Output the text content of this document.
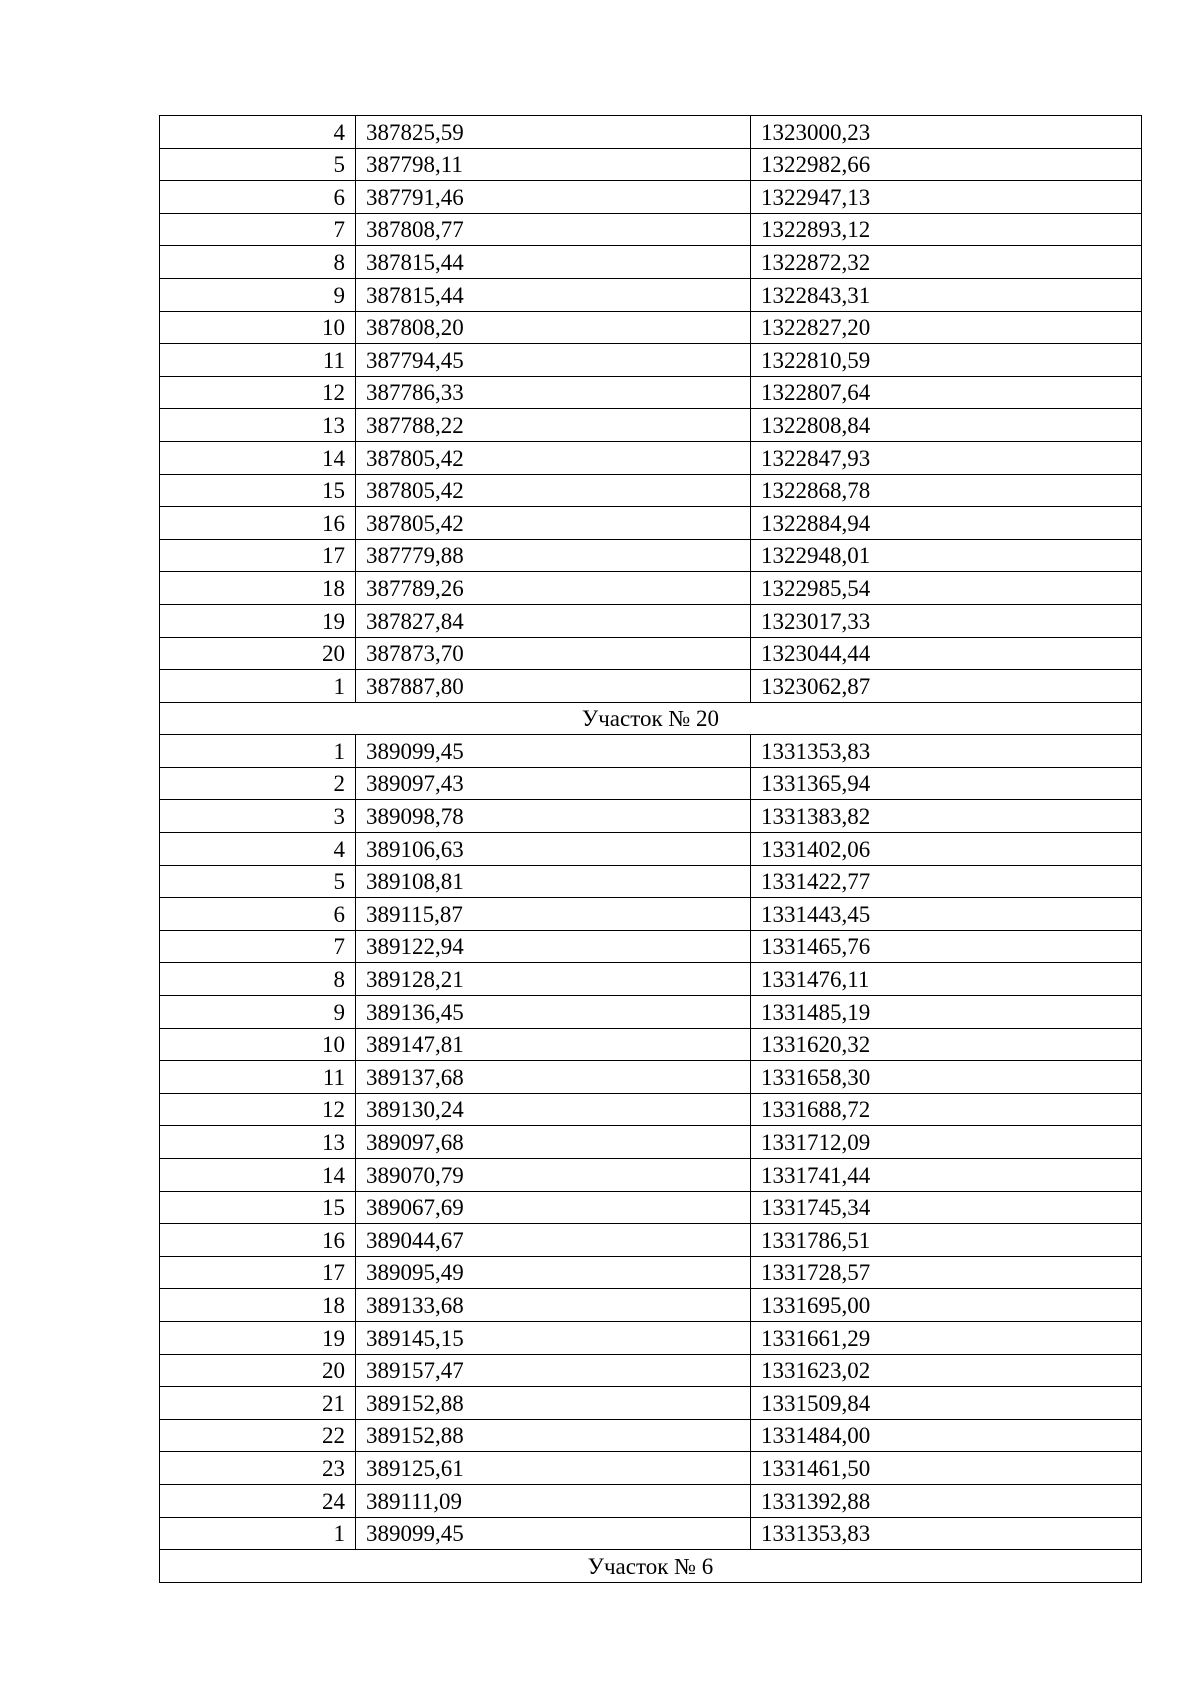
4	387825,59	1323000,23
5	387798,11	1322982,66
6	387791,46	1322947,13
7	387808,77	1322893,12
8	387815,44	1322872,32
9	387815,44	1322843,31
10	387808,20	1322827,20
11	387794,45	1322810,59
12	387786,33	1322807,64
13	387788,22	1322808,84
14	387805,42	1322847,93
15	387805,42	1322868,78
16	387805,42	1322884,94
17	387779,88	1322948,01
18	387789,26	1322985,54
19	387827,84	1323017,33
20	387873,70	1323044,44
1	387887,80	1323062,87
Участок № 20		
1	389099,45	1331353,83
2	389097,43	1331365,94
3	389098,78	1331383,82
4	389106,63	1331402,06
5	389108,81	1331422,77
6	389115,87	1331443,45
7	389122,94	1331465,76
8	389128,21	1331476,11
9	389136,45	1331485,19
10	389147,81	1331620,32
11	389137,68	1331658,30
12	389130,24	1331688,72
13	389097,68	1331712,09
14	389070,79	1331741,44
15	389067,69	1331745,34
16	389044,67	1331786,51
17	389095,49	1331728,57
18	389133,68	1331695,00
19	389145,15	1331661,29
20	389157,47	1331623,02
21	389152,88	1331509,84
22	389152,88	1331484,00
23	389125,61	1331461,50
24	389111,09	1331392,88
1	389099,45	1331353,83
Участок № 6		
